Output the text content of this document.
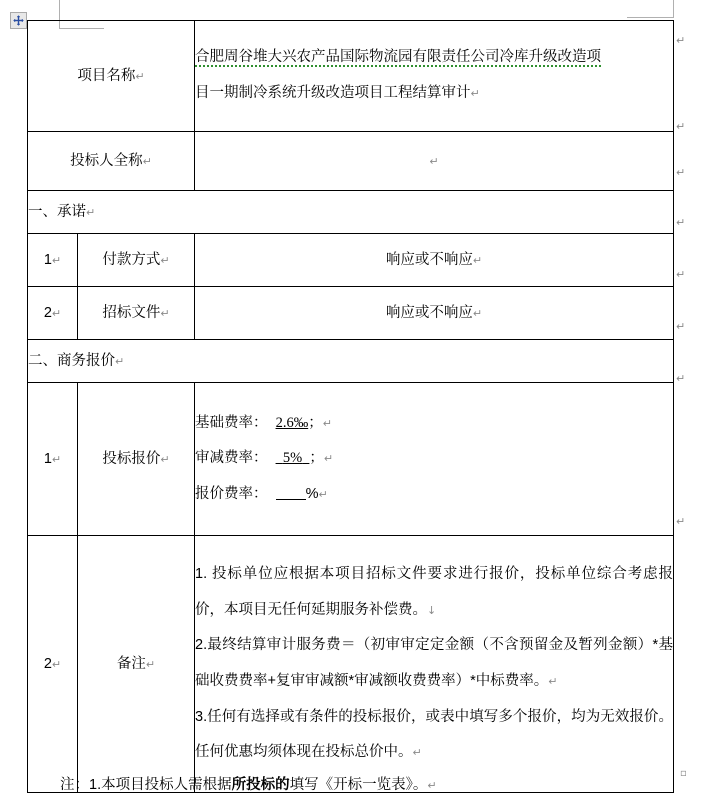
↵
↵
↵
↵
↵
↵
↵
↵
项目名称↵		合肥周谷堆大兴农产品国际物流园有限责任公司冷库升级改造项
目一期制冷系统升级改造项目工程结算审计↵

投标人全称↵		↵
一、承诺↵		
1↵	付款方式↵	响应或不响应↵
2↵	招标文件↵	响应或不响应↵
二、商务报价↵		
1↵	投标报价↵	基础费率： 2.6‰；↵
审减费率： 5% ；↵
报价费率： %↵

2↵	备注↵	1. 投标单位应根据本项目招标文件要求进行报价，投标单位综合考虑报价，本项目无任何延期服务补偿费。↓
2.最终结算审计服务费＝（初审审定定金额（不含预留金及暂列金额）*基础收费费率+复审审减额*审减额收费费率）*中标费率。↵
3.任何有选择或有条件的投标报价，或表中填写多个报价，均为无效报价。任何优惠均须体现在投标总价中。↵
注：1.本项目投标人需根据所投标的填写《开标一览表》。↵
▫
